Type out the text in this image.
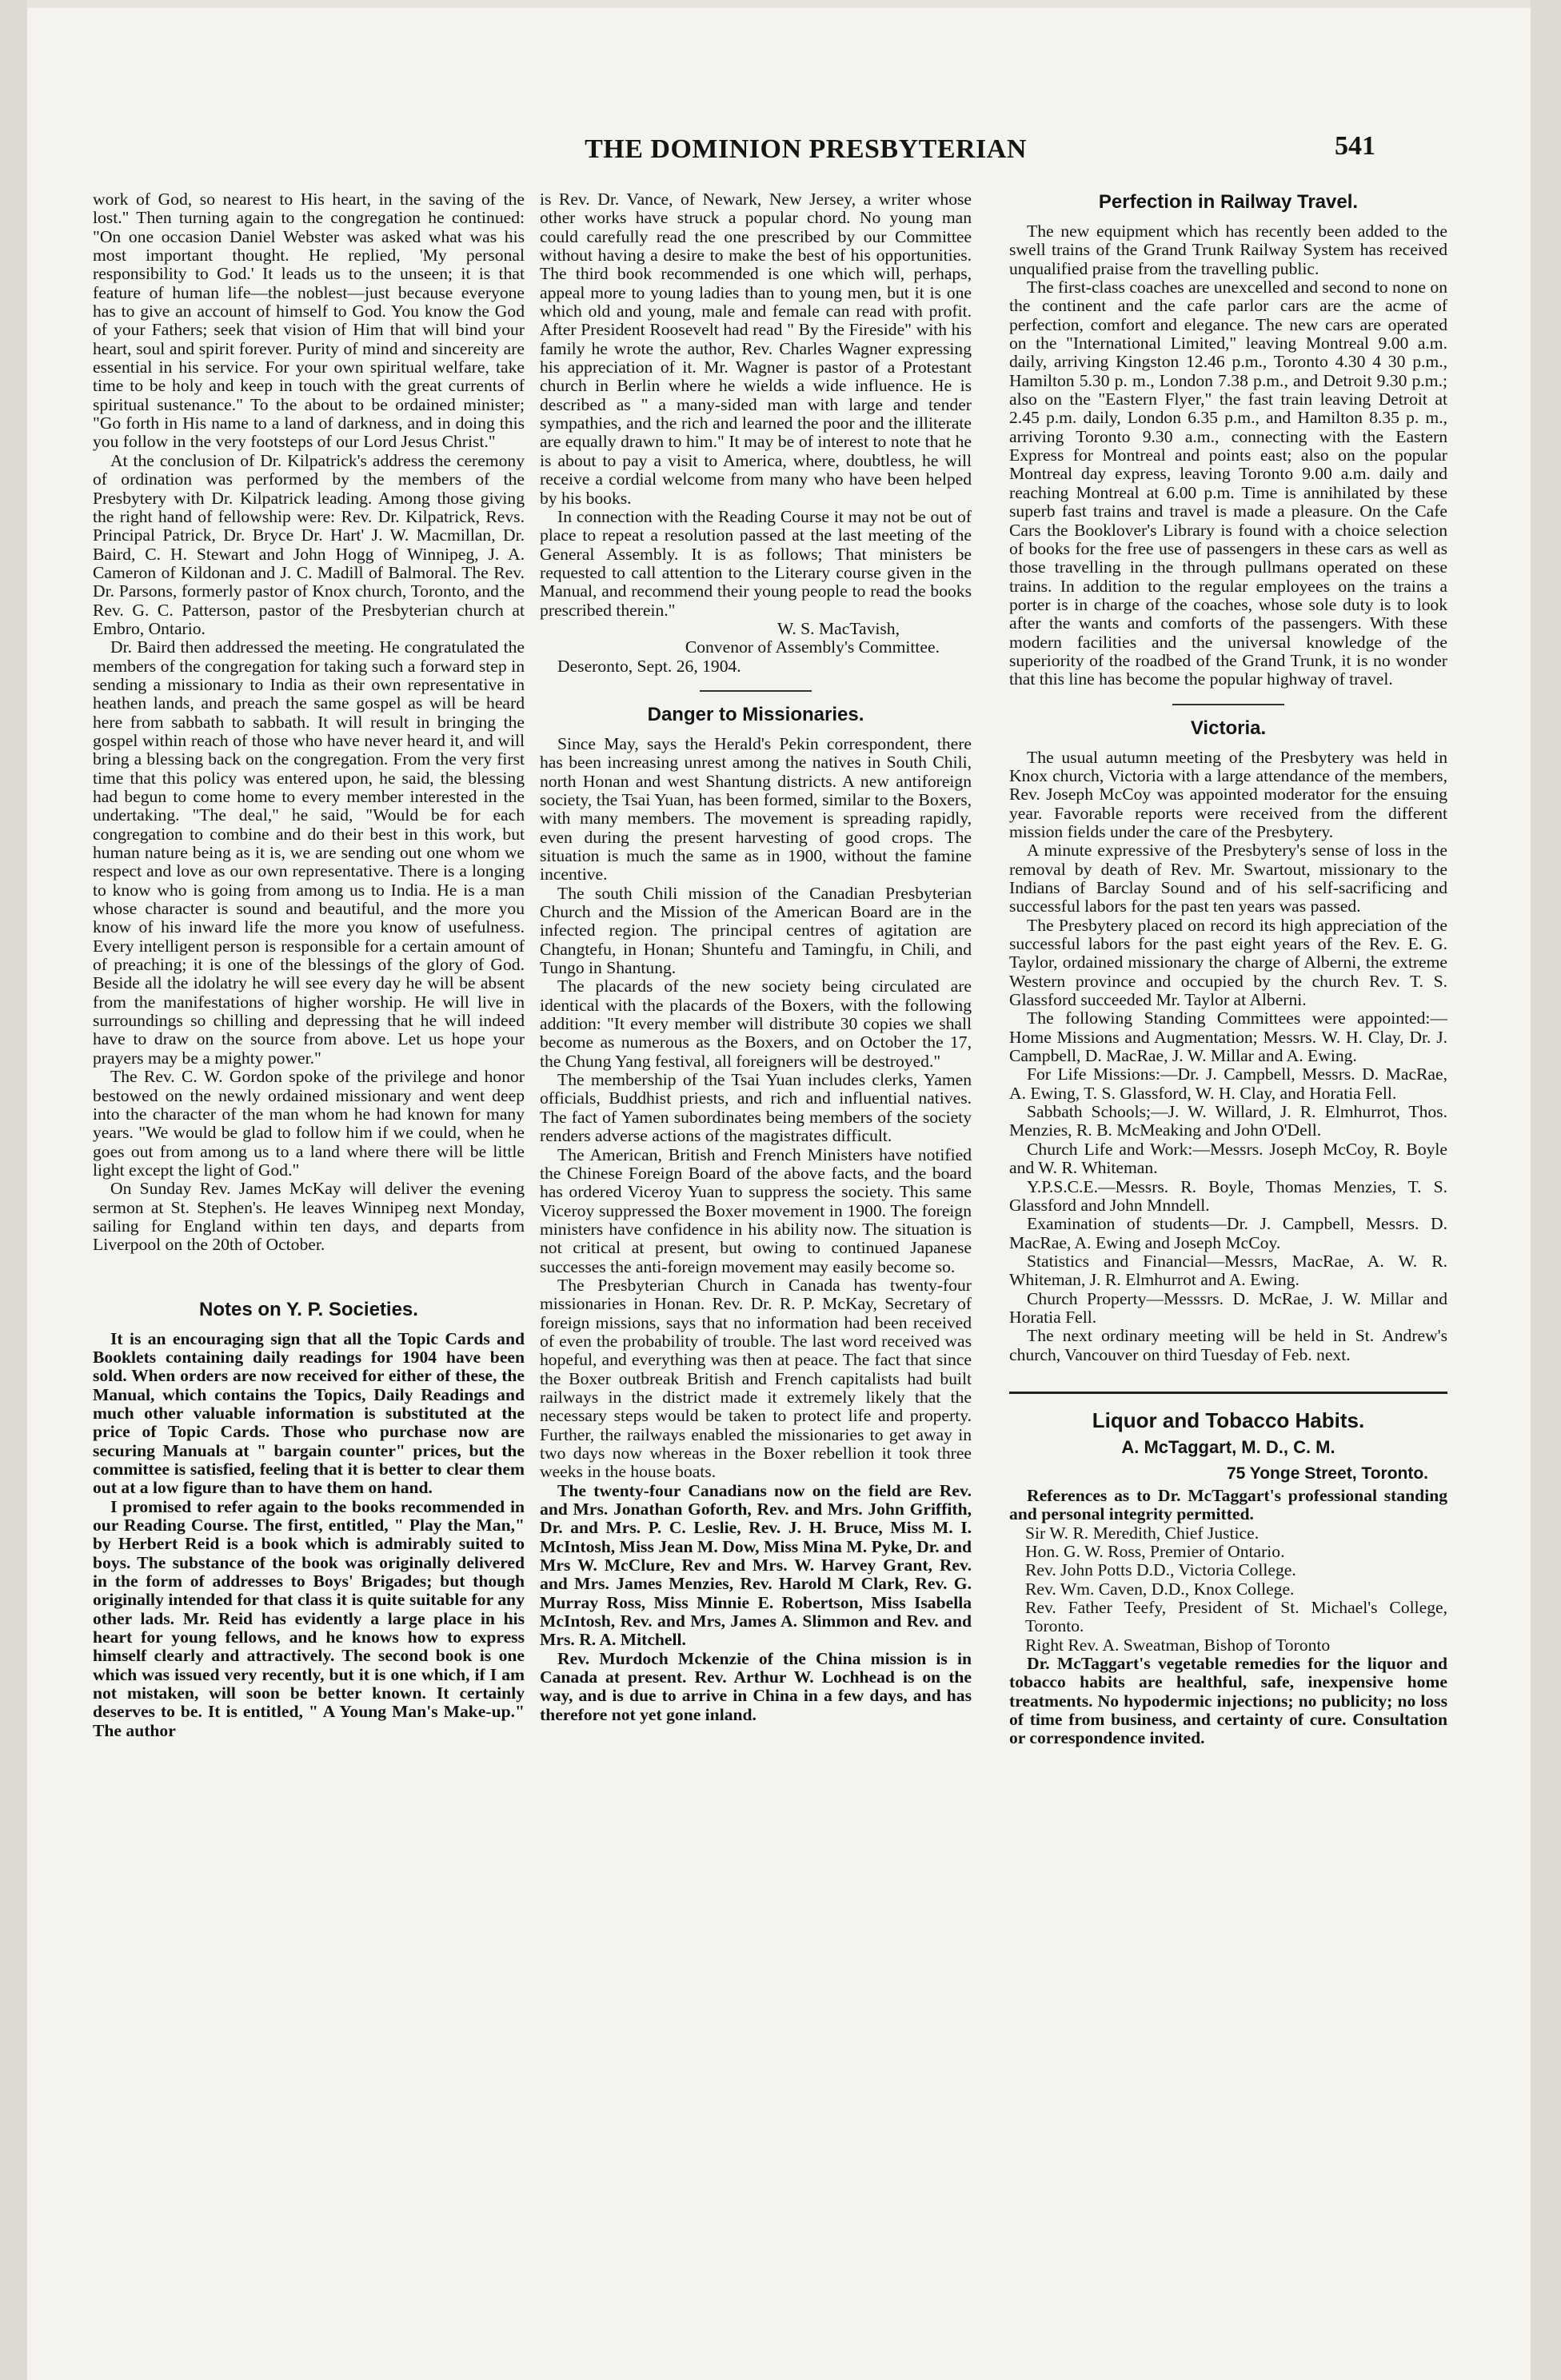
THE DOMINION PRESBYTERIAN	541

work of God, so nearest to His heart, in the saving of the lost." Then turning again to the congregation he continued: "On one occasion Daniel Webster was asked what was his most important thought. He replied, 'My personal responsibility to God.' It leads us to the unseen; it is that feature of human life—the noblest—just because everyone has to give an account of himself to God. You know the God of your Fathers; seek that vision of Him that will bind your heart, soul and spirit forever. Purity of mind and sincereity are essential in his service. For your own spiritual welfare, take time to be holy and keep in touch with the great currents of spiritual sustenance." To the about to be ordained minister; "Go forth in His name to a land of darkness, and in doing this you follow in the very footsteps of our Lord Jesus Christ."

At the conclusion of Dr. Kilpatrick's address the ceremony of ordination was performed by the members of the Presbytery with Dr. Kilpatrick leading. Among those giving the right hand of fellowship were: Rev. Dr. Kilpatrick, Revs. Principal Patrick, Dr. Bryce Dr. Hart' J. W. Macmillan, Dr. Baird, C. H. Stewart and John Hogg of Winnipeg, J. A. Cameron of Kildonan and J. C. Madill of Balmoral. The Rev. Dr. Parsons, formerly pastor of Knox church, Toronto, and the Rev. G. C. Patterson, pastor of the Presbyterian church at Embro, Ontario.

Dr. Baird then addressed the meeting. He congratulated the members of the congregation for taking such a forward step in sending a missionary to India as their own representative in heathen lands, and preach the same gospel as will be heard here from sabbath to sabbath. It will result in bringing the gospel within reach of those who have never heard it, and will bring a blessing back on the congregation. From the very first time that this policy was entered upon, he said, the blessing had begun to come home to every member interested in the undertaking. "The deal," he said, "Would be for each congregation to combine and do their best in this work, but human nature being as it is, we are sending out one whom we respect and love as our own representative. There is a longing to know who is going from among us to India. He is a man whose character is sound and beautiful, and the more you know of his inward life the more you know of usefulness. Every intelligent person is responsible for a certain amount of of preaching; it is one of the blessings of the glory of God. Beside all the idolatry he will see every day he will be absent from the manifestations of higher worship. He will live in surroundings so chilling and depressing that he will indeed have to draw on the source from above. Let us hope your prayers may be a mighty power."

The Rev. C. W. Gordon spoke of the privilege and honor bestowed on the newly ordained missionary and went deep into the character of the man whom he had known for many years. "We would be glad to follow him if we could, when he goes out from among us to a land where there will be little light except the light of God."

On Sunday Rev. James McKay will deliver the evening sermon at St. Stephen's. He leaves Winnipeg next Monday, sailing for England within ten days, and departs from Liverpool on the 20th of October.

Notes on Y. P. Societies.

It is an encouraging sign that all the Topic Cards and Booklets containing daily readings for 1904 have been sold. When orders are now received for either of these, the Manual, which contains the Topics, Daily Readings and much other valuable information is substituted at the price of Topic Cards. Those who purchase now are securing Manuals at " bargain counter" prices, but the committee is satisfied, feeling that it is better to clear them out at a low figure than to have them on hand.

I promised to refer again to the books recommended in our Reading Course. The first, entitled, " Play the Man," by Herbert Reid is a book which is admirably suited to boys. The substance of the book was originally delivered in the form of addresses to Boys' Brigades; but though originally intended for that class it is quite suitable for any other lads. Mr. Reid has evidently a large place in his heart for young fellows, and he knows how to express himself clearly and attractively. The second book is one which was issued very recently, but it is one which, if I am not mistaken, will soon be better known. It certainly deserves to be. It is entitled, " A Young Man's Make-up." The author

is Rev. Dr. Vance, of Newark, New Jersey, a writer whose other works have struck a popular chord. No young man could carefully read the one prescribed by our Committee without having a desire to make the best of his opportunities. The third book recommended is one which will, perhaps, appeal more to young ladies than to young men, but it is one which old and young, male and female can read with profit. After President Roosevelt had read " By the Fireside" with his family he wrote the author, Rev. Charles Wagner expressing his appreciation of it. Mr. Wagner is pastor of a Protestant church in Berlin where he wields a wide influence. He is described as " a many-sided man with large and tender sympathies, and the rich and learned the poor and the illiterate are equally drawn to him." It may be of interest to note that he is about to pay a visit to America, where, doubtless, he will receive a cordial welcome from many who have been helped by his books.

In connection with the Reading Course it may not be out of place to repeat a resolution passed at the last meeting of the General Assembly. It is as follows; That ministers be requested to call attention to the Literary course given in the Manual, and recommend their young people to read the books prescribed therein."

W. S. MacTavish,

Convenor of Assembly's Committee.

Deseronto, Sept. 26, 1904.

Danger to Missionaries.

Since May, says the Herald's Pekin correspondent, there has been increasing unrest among the natives in South Chili, north Honan and west Shantung districts. A new antiforeign society, the Tsai Yuan, has been formed, similar to the Boxers, with many members. The movement is spreading rapidly, even during the present harvesting of good crops. The situation is much the same as in 1900, without the famine incentive.

The south Chili mission of the Canadian Presbyterian Church and the Mission of the American Board are in the infected region. The principal centres of agitation are Changtefu, in Honan; Shuntefu and Tamingfu, in Chili, and Tungo in Shantung.

The placards of the new society being circulated are identical with the placards of the Boxers, with the following addition: "It every member will distribute 30 copies we shall become as numerous as the Boxers, and on October the 17, the Chung Yang festival, all foreigners will be destroyed."

The membership of the Tsai Yuan includes clerks, Yamen officials, Buddhist priests, and rich and influential natives. The fact of Yamen subordinates being members of the society renders adverse actions of the magistrates difficult.

The American, British and French Ministers have notified the Chinese Foreign Board of the above facts, and the board has ordered Viceroy Yuan to suppress the society. This same Viceroy suppressed the Boxer movement in 1900. The foreign ministers have confidence in his ability now. The situation is not critical at present, but owing to continued Japanese successes the anti-foreign movement may easily become so.

The Presbyterian Church in Canada has twenty-four missionaries in Honan. Rev. Dr. R. P. McKay, Secretary of foreign missions, says that no information had been received of even the probability of trouble. The last word received was hopeful, and everything was then at peace. The fact that since the Boxer outbreak British and French capitalists had built railways in the district made it extremely likely that the necessary steps would be taken to protect life and property. Further, the railways enabled the missionaries to get away in two days now whereas in the Boxer rebellion it took three weeks in the house boats.

The twenty-four Canadians now on the field are Rev. and Mrs. Jonathan Goforth, Rev. and Mrs. John Griffith, Dr. and Mrs. P. C. Leslie, Rev. J. H. Bruce, Miss M. I. McIntosh, Miss Jean M. Dow, Miss Mina M. Pyke, Dr. and Mrs W. McClure, Rev and Mrs. W. Harvey Grant, Rev. and Mrs. James Menzies, Rev. Harold M Clark, Rev. G. Murray Ross, Miss Minnie E. Robertson, Miss Isabella McIntosh, Rev. and Mrs, James A. Slimmon and Rev. and Mrs. R. A. Mitchell.

Rev. Murdoch Mckenzie of the China mission is in Canada at present. Rev. Arthur W. Lochhead is on the way, and is due to arrive in China in a few days, and has therefore not yet gone inland.

Perfection in Railway Travel.

The new equipment which has recently been added to the swell trains of the Grand Trunk Railway System has received unqualified praise from the travelling public.

The first-class coaches are unexcelled and second to none on the continent and the cafe parlor cars are the acme of perfection, comfort and elegance. The new cars are operated on the "International Limited," leaving Montreal 9.00 a.m. daily, arriving Kingston 12.46 p.m., Toronto 4.30 4 30 p.m., Hamilton 5.30 p. m., London 7.38 p.m., and Detroit 9.30 p.m.; also on the "Eastern Flyer," the fast train leaving Detroit at 2.45 p.m. daily, London 6.35 p.m., and Hamilton 8.35 p. m., arriving Toronto 9.30 a.m., connecting with the Eastern Express for Montreal and points east; also on the popular Montreal day express, leaving Toronto 9.00 a.m. daily and reaching Montreal at 6.00 p.m. Time is annihilated by these superb fast trains and travel is made a pleasure. On the Cafe Cars the Booklover's Library is found with a choice selection of books for the free use of passengers in these cars as well as those travelling in the through pullmans operated on these trains. In addition to the regular employees on the trains a porter is in charge of the coaches, whose sole duty is to look after the wants and comforts of the passengers. With these modern facilities and the universal knowledge of the superiority of the roadbed of the Grand Trunk, it is no wonder that this line has become the popular highway of travel.

Victoria.

The usual autumn meeting of the Presbytery was held in Knox church, Victoria with a large attendance of the members, Rev. Joseph McCoy was appointed moderator for the ensuing year. Favorable reports were received from the different mission fields under the care of the Presbytery.

A minute expressive of the Presbytery's sense of loss in the removal by death of Rev. Mr. Swartout, missionary to the Indians of Barclay Sound and of his self-sacrificing and successful labors for the past ten years was passed.

The Presbytery placed on record its high appreciation of the successful labors for the past eight years of the Rev. E. G. Taylor, ordained missionary the charge of Alberni, the extreme Western province and occupied by the church Rev. T. S. Glassford succeeded Mr. Taylor at Alberni.

The following Standing Committees were appointed:— Home Missions and Augmentation; Messrs. W. H. Clay, Dr. J. Campbell, D. MacRae, J. W. Millar and A. Ewing.

For Life Missions:—Dr. J. Campbell, Messrs. D. MacRae, A. Ewing, T. S. Glassford, W. H. Clay, and Horatia Fell.

Sabbath Schools;—J. W. Willard, J. R. Elmhurrot, Thos. Menzies, R. B. McMeaking and John O'Dell.

Church Life and Work:—Messrs. Joseph McCoy, R. Boyle and W. R. Whiteman.

Y.P.S.C.E.—Messrs. R. Boyle, Thomas Menzies, T. S. Glassford and John Mnndell.

Examination of students—Dr. J. Campbell, Messrs. D. MacRae, A. Ewing and Joseph McCoy.

Statistics and Financial—Messrs, MacRae, A. W. R. Whiteman, J. R. Elmhurrot and A. Ewing.

Church Property—Messsrs. D. McRae, J. W. Millar and Horatia Fell.

The next ordinary meeting will be held in St. Andrew's church, Vancouver on third Tuesday of Feb. next.

Liquor and Tobacco Habits.
A. McTaggart, M. D., C. M.
75 Yonge Street, Toronto.

References as to Dr. McTaggart's professional standing and personal integrity permitted.

Sir W. R. Meredith, Chief Justice.

Hon. G. W. Ross, Premier of Ontario.

Rev. John Potts D.D., Victoria College.

Rev. Wm. Caven, D.D., Knox College.

Rev. Father Teefy, President of St. Michael's College, Toronto.

Right Rev. A. Sweatman, Bishop of Toronto

Dr. McTaggart's vegetable remedies for the liquor and tobacco habits are healthful, safe, inexpensive home treatments. No hypodermic injections; no publicity; no loss of time from business, and certainty of cure. Consultation or correspondence invited.
